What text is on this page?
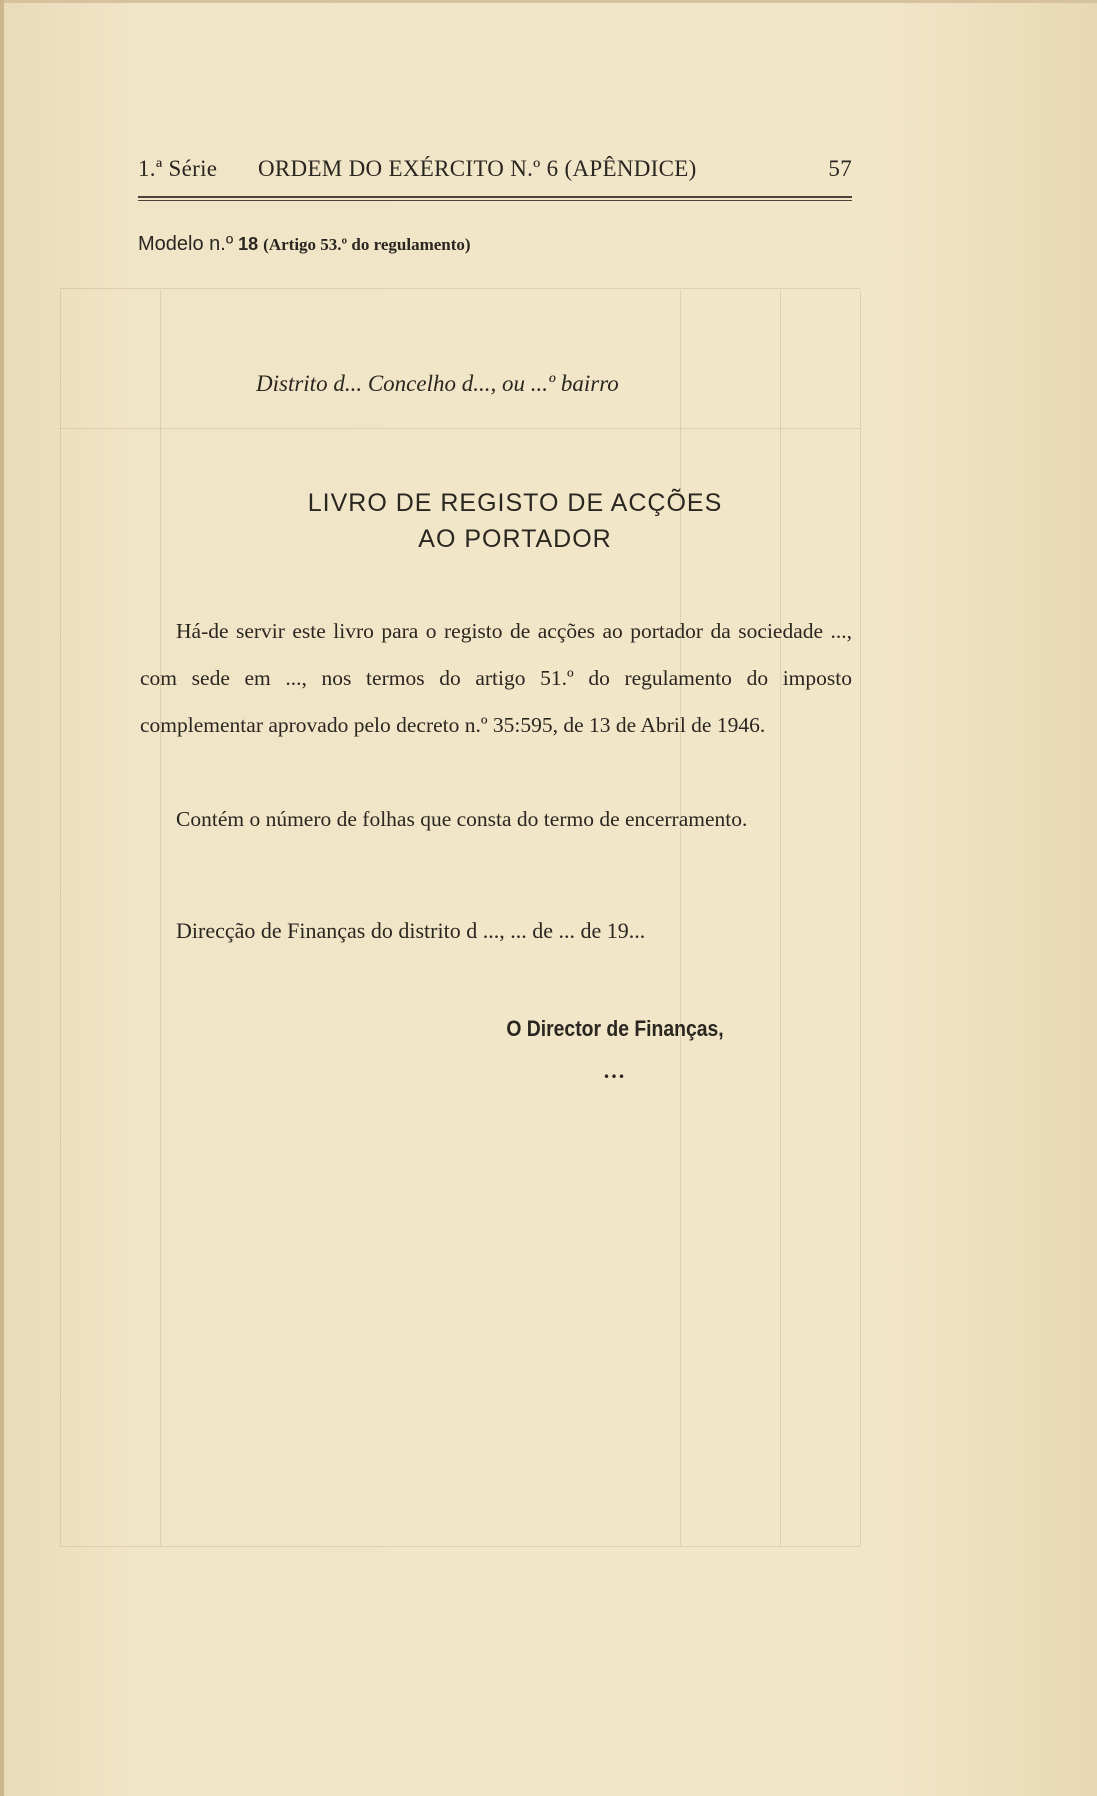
1.ª Série ORDEM DO EXÉRCITO N.º 6 (APÊNDICE)	57
Modelo n.º 18 (Artigo 53.º do regulamento)
Distrito d... Concelho d..., ou ...º bairro
LIVRO DE REGISTO DE ACÇÕES
AO PORTADOR

Há-de servir este livro para o registo de acções ao portador da sociedade ..., com sede em ..., nos termos do artigo 51.º do regulamento do imposto complementar aprovado pelo decreto n.º 35:595, de 13 de Abril de 1946.

Contém o número de folhas que consta do termo de encerramento.

Direcção de Finanças do distrito d ..., ... de ... de 19...
O Director de Finanças,
...
